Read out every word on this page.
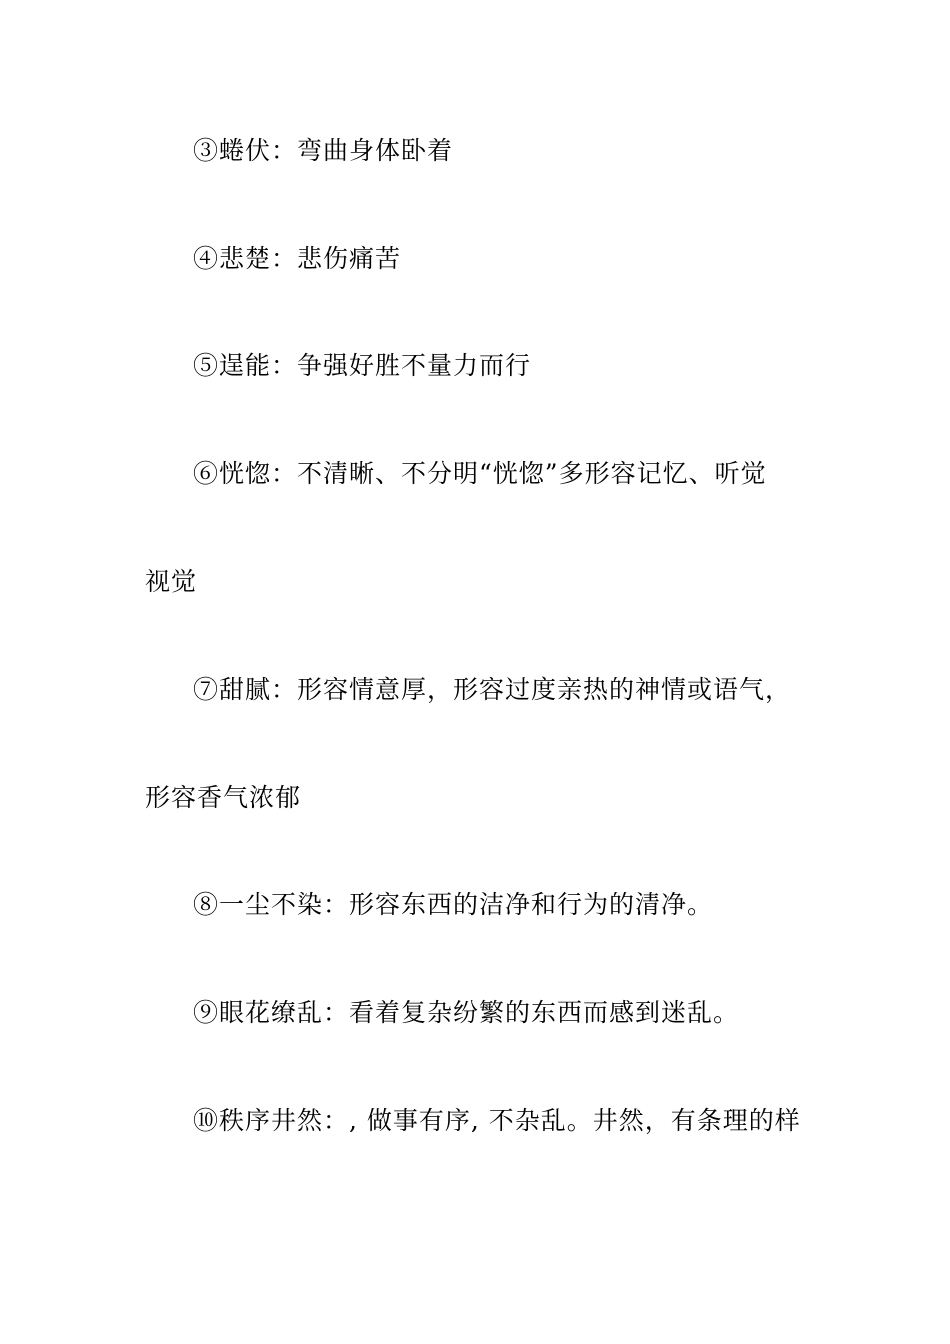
③蜷伏：弯曲身体卧着
④悲楚：悲伤痛苦
⑤逞能：争强好胜不量力而行
⑥恍惚：不清晰、不分明“恍惚”多形容记忆、听觉
视觉
⑦甜腻：形容情意厚，形容过度亲热的神情或语气，
形容香气浓郁
⑧一尘不染：形容东西的洁净和行为的清净。
⑨眼花缭乱：看着复杂纷繁的东西而感到迷乱。
⑩秩序井然：, 做事有序, 不杂乱。井然，有条理的样
